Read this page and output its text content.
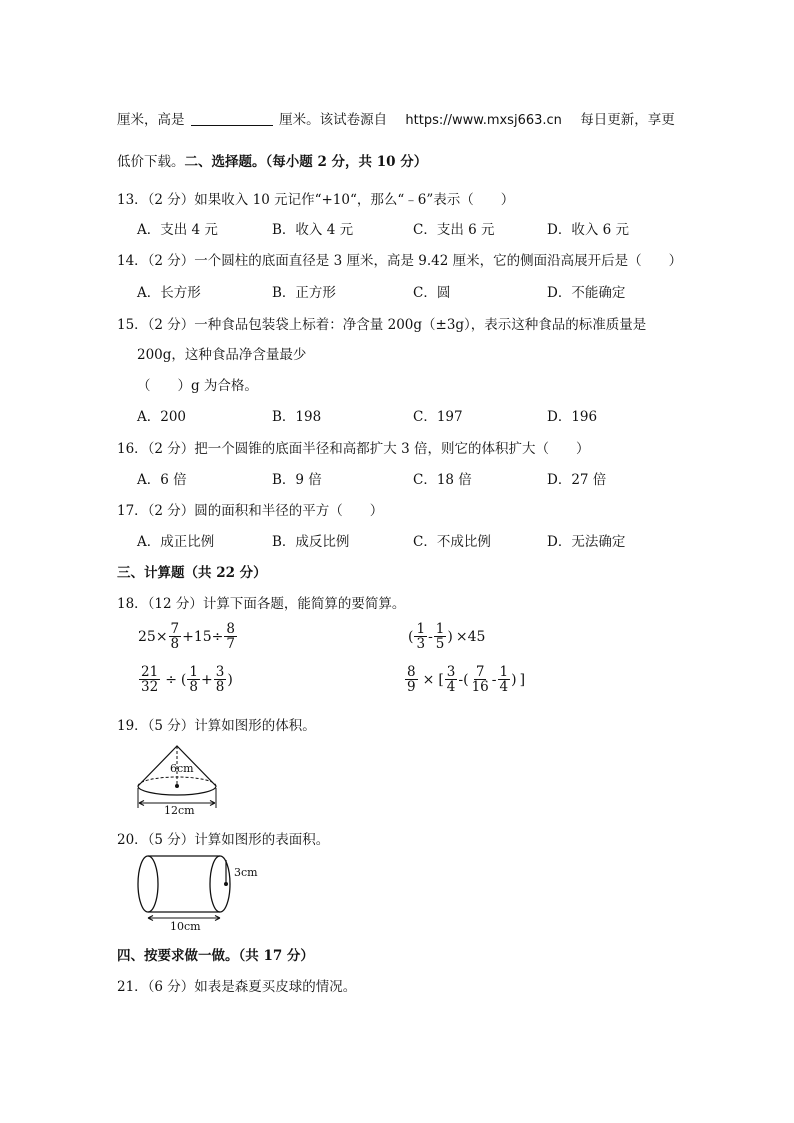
厘米，高是	厘米。该试卷源自 https://www.mxsj663.cn 每日更新，享更
低价下载。二、选择题。（每小题 2 分，共 10 分）
13．（2 分）如果收入 10 元记作“+10“，那么“﹣6”表示（　　）
A．支出 4 元	B．收入 4 元	C．支出 6 元	D．收入 6 元
14．（2 分）一个圆柱的底面直径是 3 厘米，高是 9.42 厘米，它的侧面沿高展开后是（　　）
A．长方形	B．正方形	C．圆	D．不能确定
15．（2 分）一种食品包装袋上标着：净含量 200g（±3g），表示这种食品的标准质量是
200g，这种食品净含量最少
（　　）g 为合格。
A．200	B．198	C．197	D．196
16．（2 分）把一个圆锥的底面半径和高都扩大 3 倍，则它的体积扩大（　　）
A．6 倍	B．9 倍	C．18 倍	D．27 倍
17．（2 分）圆的面积和半径的平方（　　）
A．成正比例	B．成反比例	C．不成比例	D．无法确定
三、计算题（共 22 分）
18．（12 分）计算下面各题，能简算的要简算。
$25\times \frac{7}{8} +15\div \frac{8}{7}$	( $\frac{1}{3} - \frac{1}{5}$ ) ×45
$\frac{21}{32}$ ÷ ( $\frac{1}{8} + \frac{3}{8}$ )	$\frac{8}{9}$ × [ $\frac{3}{4}$ - ( $\frac{7}{16} - \frac{1}{4}$ ) ]
19．（5 分）计算如图形的体积。
6cm
12cm
20．（5 分）计算如图形的表面积。
3cm
10cm
四、按要求做一做。（共 17 分）
21．（6 分）如表是森夏买皮球的情况。
